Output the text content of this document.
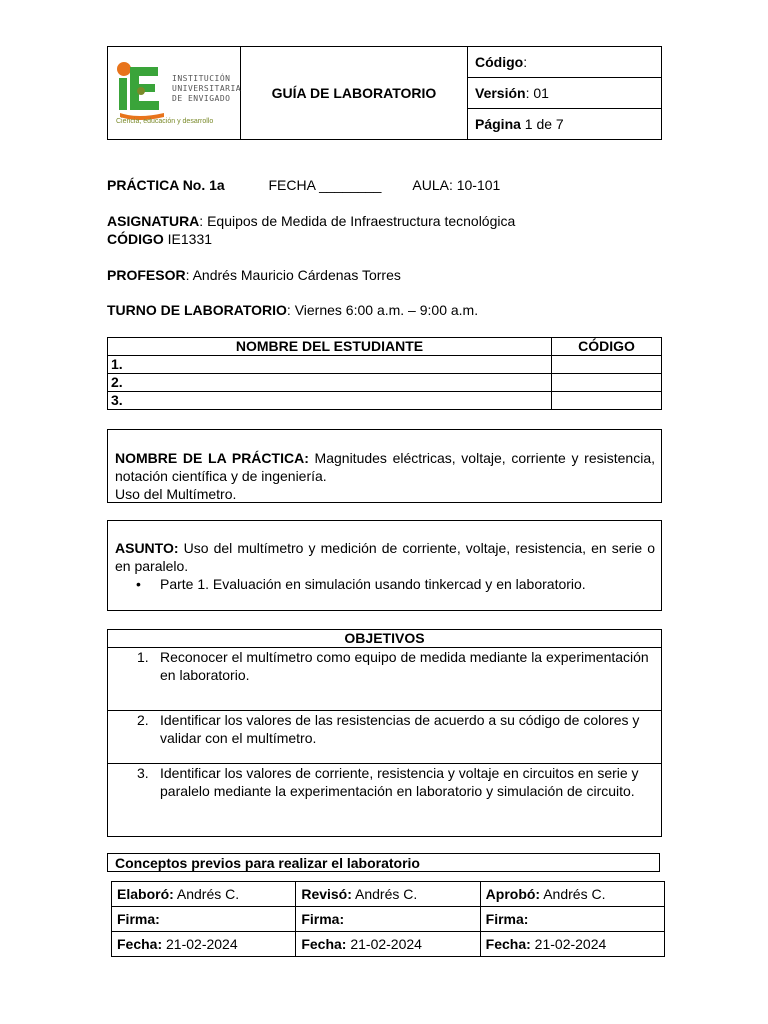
INSTITUCIÓN
UNIVERSITARIA
DE ENVIGADO
Ciencia, educación y desarrollo
	GUÍA DE LABORATORIO	Código:
Versión: 01
Página 1 de 7
PRÁCTICA No. 1a	FECHA ________ AULA: 10-101
ASIGNATURA: Equipos de Medida de Infraestructura tecnológica
CÓDIGO IE1331
PROFESOR: Andrés Mauricio Cárdenas Torres
TURNO DE LABORATORIO: Viernes 6:00 a.m. – 9:00 a.m.
NOMBRE DEL ESTUDIANTE	CÓDIGO
1.	
2.	
3.	
NOMBRE DE LA PRÁCTICA: Magnitudes eléctricas, voltaje, corriente y resistencia, notación científica y de ingeniería.
Uso del Multímetro.
ASUNTO: Uso del multímetro y medición de corriente, voltaje, resistencia, en serie o en paralelo.
•	Parte 1. Evaluación en simulación usando tinkercad y en laboratorio.
OBJETIVOS

1. Reconocer el multímetro como equipo de medida mediante la experimentación en laboratorio.

2. Identificar los valores de las resistencias de acuerdo a su código de colores y validar con el multímetro.

3. Identificar los valores de corriente, resistencia y voltaje en circuitos en serie y paralelo mediante la experimentación en laboratorio y simulación de circuito.
Conceptos previos para realizar el laboratorio
Elaboró: Andrés C.	Revisó: Andrés C.	Aprobó: Andrés C.
Firma:	Firma:	Firma:
Fecha: 21-02-2024	Fecha: 21-02-2024	Fecha: 21-02-2024
